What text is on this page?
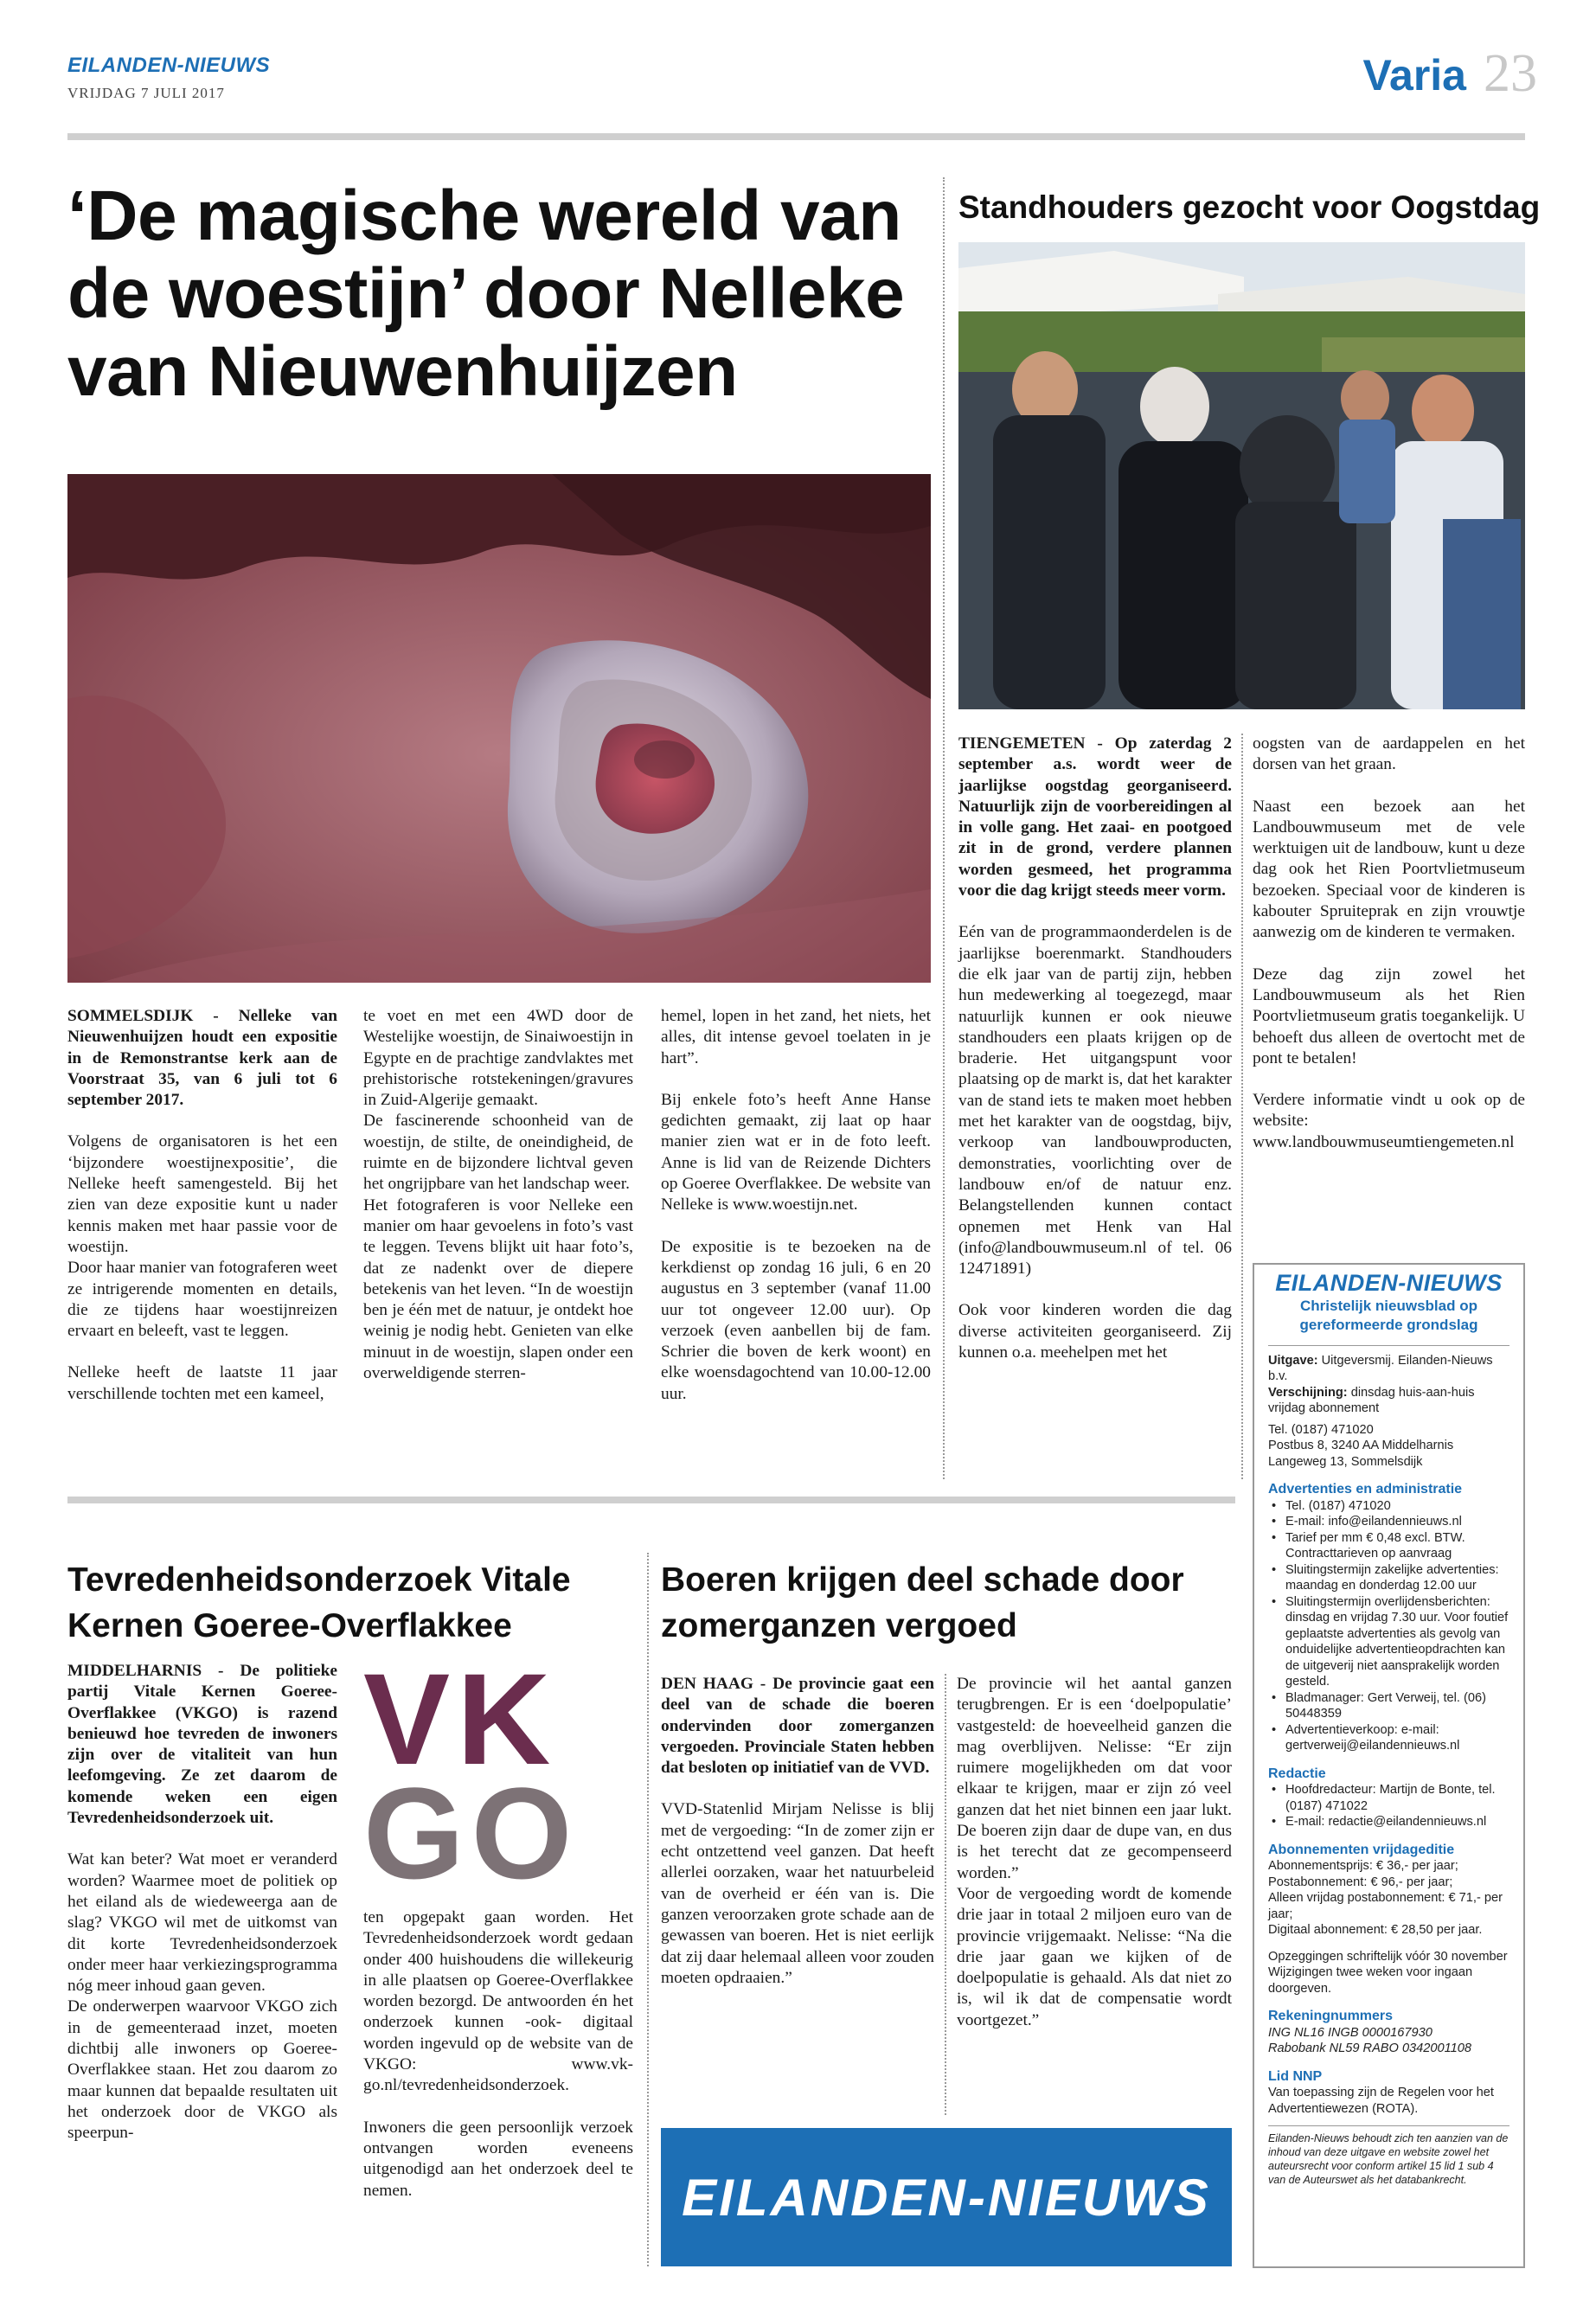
EILANDEN-NIEUWS
VRIJDAG 7 JULI 2017	Varia 23
‘De magische wereld van de woestijn’ door Nelleke van Nieuwenhuijzen

SOMMELSDIJK - Nelleke van Nieuwenhuijzen houdt een expositie in de Remonstrantse kerk aan de Voorstraat 35, van 6 juli tot 6 september 2017.

Volgens de organisatoren is het een ‘bijzondere woestijnexpositie’, die Nelleke heeft samengesteld. Bij het zien van deze expositie kunt u nader kennis maken met haar passie voor de woestijn.

Door haar manier van fotograferen weet ze intrigerende momenten en details, die ze tijdens haar woestijnreizen ervaart en beleeft, vast te leggen.

Nelleke heeft de laatste 11 jaar verschillende tochten met een kameel,

te voet en met een 4WD door de Westelijke woestijn, de Sinaiwoestijn in Egypte en de prachtige zandvlaktes met prehistorische rotstekeningen/gravures in Zuid-Algerije gemaakt.

De fascinerende schoonheid van de woestijn, de stilte, de oneindigheid, de ruimte en de bijzondere lichtval geven het ongrijpbare van het landschap weer.

Het fotograferen is voor Nelleke een manier om haar gevoelens in foto’s vast te leggen. Tevens blijkt uit haar foto’s, dat ze nadenkt over de diepere betekenis van het leven. “In de woestijn ben je één met de natuur, je ontdekt hoe weinig je nodig hebt. Genieten van elke minuut in de woestijn, slapen onder een overweldigende sterren-

hemel, lopen in het zand, het niets, het alles, dit intense gevoel toelaten in je hart”.

Bij enkele foto’s heeft Anne Hanse gedichten gemaakt, zij laat op haar manier zien wat er in de foto leeft. Anne is lid van de Reizende Dichters op Goeree Overflakkee. De website van Nelleke is www.woestijn.net.

De expositie is te bezoeken na de kerkdienst op zondag 16 juli, 6 en 20 augustus en 3 september (vanaf 11.00 uur tot ongeveer 12.00 uur). Op verzoek (even aanbellen bij de fam. Schrier die boven de kerk woont) en elke woensdagochtend van 10.00-12.00 uur.

Standhouders gezocht voor Oogstdag

TIENGEMETEN - Op zaterdag 2 september a.s. wordt weer de jaarlijkse oogstdag georganiseerd. Natuurlijk zijn de voorbereidingen al in volle gang. Het zaai- en pootgoed zit in de grond, verdere plannen worden gesmeed, het programma voor die dag krijgt steeds meer vorm.

Eén van de programmaonderdelen is de jaarlijkse boerenmarkt. Standhouders die elk jaar van de partij zijn, hebben hun medewerking al toegezegd, maar natuurlijk kunnen er ook nieuwe standhouders een plaats krijgen op de braderie. Het uitgangspunt voor plaatsing op de markt is, dat het karakter van de stand iets te maken moet hebben met het karakter van de oogstdag, bijv, verkoop van landbouwproducten, demonstraties, voorlichting over de landbouw en/of de natuur enz. Belangstellenden kunnen contact opnemen met Henk van Hal (info@landbouwmuseum.nl of tel. 06 12471891)

Ook voor kinderen worden die dag diverse activiteiten georganiseerd. Zij kunnen o.a. meehelpen met het

oogsten van de aardappelen en het dorsen van het graan.

Naast een bezoek aan het Landbouwmuseum met de vele werktuigen uit de landbouw, kunt u deze dag ook het Rien Poortvlietmuseum bezoeken. Speciaal voor de kinderen is kabouter Spruiteprak en zijn vrouwtje aanwezig om de kinderen te vermaken.

Deze dag zijn zowel het Landbouwmuseum als het Rien Poortvlietmuseum gratis toegankelijk. U behoeft dus alleen de overtocht met de pont te betalen!

Verdere informatie vindt u ook op de website: www.landbouwmuseumtiengemeten.nl

EILANDEN-NIEUWS
Christelijk nieuwsblad op gereformeerde grondslag
Uitgave: Uitgeversmij. Eilanden-Nieuws b.v.
Verschijning: dinsdag huis-aan-huis vrijdag abonnement
Tel. (0187) 471020
Postbus 8, 3240 AA Middelharnis
Langeweg 13, Sommelsdijk
Advertenties en administratie
• Tel. (0187) 471020
• E-mail: info@eilandennieuws.nl
• Tarief per mm € 0,48 excl. BTW. Contracttarieven op aanvraag
• Sluitingstermijn zakelijke advertenties: maandag en donderdag 12.00 uur
• Sluitingstermijn overlijdensberichten: dinsdag en vrijdag 7.30 uur. Voor foutief geplaatste advertenties als gevolg van onduidelijke advertentieopdrachten kan de uitgeverij niet aansprakelijk worden gesteld.
• Bladmanager: Gert Verweij, tel. (06) 50448359
• Advertentieverkoop: e-mail: gertverweij@eilandennieuws.nl
Redactie
• Hoofdredacteur: Martijn de Bonte, tel. (0187) 471022
• E-mail: redactie@eilandennieuws.nl
Abonnementen vrijdageditie
Abonnementsprijs: € 36,- per jaar;
Postabonnement: € 96,- per jaar;
Alleen vrijdag postabonnement: € 71,- per jaar;
Digitaal abonnement: € 28,50 per jaar.
Opzeggingen schriftelijk vóór 30 november Wijzigingen twee weken voor ingaan doorgeven.
Rekeningnummers
ING NL16 INGB 0000167930
Rabobank NL59 RABO 0342001108
Lid NNP
Van toepassing zijn de Regelen voor het Advertentiewezen (ROTA).
Eilanden-Nieuws behoudt zich ten aanzien van de inhoud van deze uitgave en website zowel het auteursrecht voor conform artikel 15 lid 1 sub 4 van de Auteurswet als het databankrecht.
Tevredenheidsonderzoek Vitale Kernen Goeree-Overflakkee

MIDDELHARNIS - De politieke partij Vitale Kernen Goeree-Overflakkee (VKGO) is razend benieuwd hoe tevreden de inwoners zijn over de vitaliteit van hun leefomgeving. Ze zet daarom de komende weken een eigen Tevredenheidsonderzoek uit.

Wat kan beter? Wat moet er veranderd worden? Waarmee moet de politiek op het eiland als de wiedeweerga aan de slag? VKGO wil met de uitkomst van dit korte Tevredenheidsonderzoek onder meer haar verkiezingsprogramma nóg meer inhoud gaan geven.

De onderwerpen waarvoor VKGO zich in de gemeenteraad inzet, moeten dichtbij alle inwoners op Goeree-Overflakkee staan. Het zou daarom zo maar kunnen dat bepaalde resultaten uit het onderzoek door de VKGO als speerpun-

VK
GO

ten opgepakt gaan worden. Het Tevredenheidsonderzoek wordt gedaan onder 400 huishoudens die willekeurig in alle plaatsen op Goeree-Overflakkee worden bezorgd. De antwoorden én het onderzoek kunnen -ook- digitaal worden ingevuld op de website van de VKGO: www.vk-go.nl/tevredenheidsonderzoek.

Inwoners die geen persoonlijk verzoek ontvangen worden eveneens uitgenodigd aan het onderzoek deel te nemen.

Boeren krijgen deel schade door zomerganzen vergoed

DEN HAAG - De provincie gaat een deel van de schade die boeren ondervinden door zomerganzen vergoeden. Provinciale Staten hebben dat besloten op initiatief van de VVD.

VVD-Statenlid Mirjam Nelisse is blij met de vergoeding: “In de zomer zijn er echt ontzettend veel ganzen. Dat heeft allerlei oorzaken, waar het natuurbeleid van de overheid er één van is. Die ganzen veroorzaken grote schade aan de gewassen van boeren. Het is niet eerlijk dat zij daar helemaal alleen voor zouden moeten opdraaien.”

De provincie wil het aantal ganzen terugbrengen. Er is een ‘doelpopulatie’ vastgesteld: de hoeveelheid ganzen die mag overblijven. Nelisse: “Er zijn ruimere mogelijkheden om dat voor elkaar te krijgen, maar er zijn zó veel ganzen dat het niet binnen een jaar lukt. De boeren zijn daar de dupe van, en dus is het terecht dat ze gecompenseerd worden.”

Voor de vergoeding wordt de komende drie jaar in totaal 2 miljoen euro van de provincie vrijgemaakt. Nelisse: “Na die drie jaar gaan we kijken of de doelpopulatie is gehaald. Als dat niet zo is, wil ik dat de compensatie wordt voortgezet.”

EILANDEN-NIEUWS
